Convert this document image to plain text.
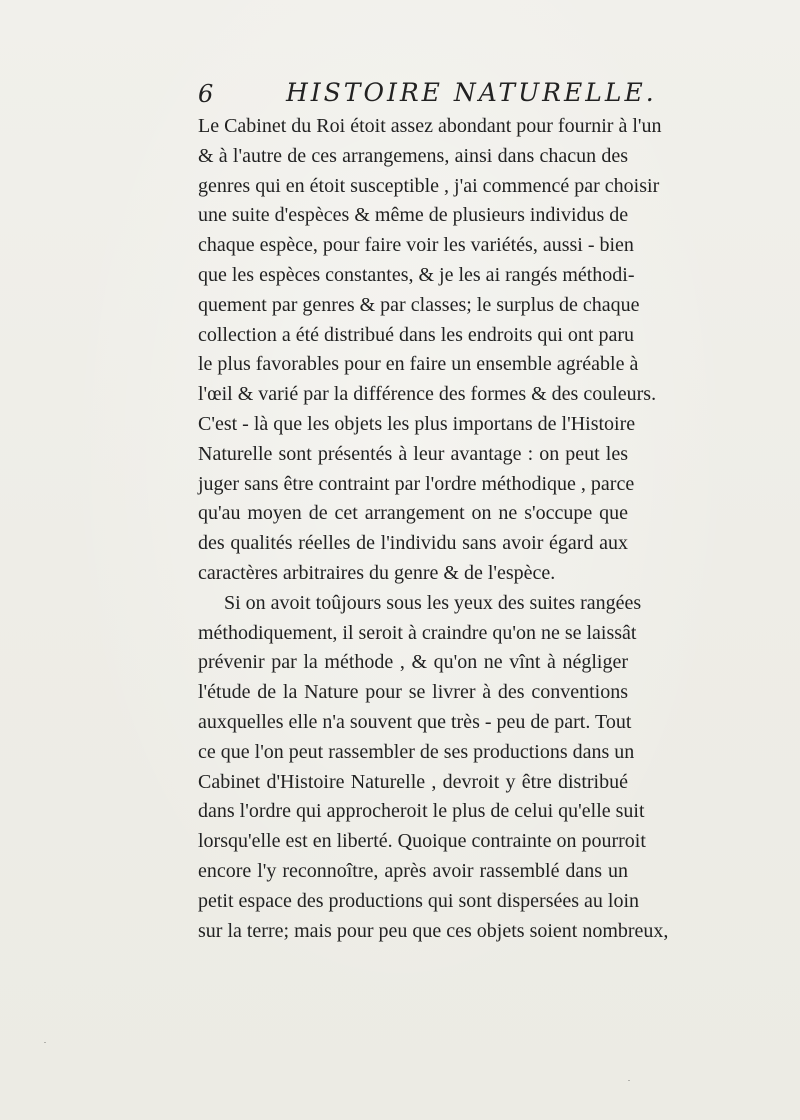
6	HISTOIRE NATURELLE.
Le Cabinet du Roi étoit assez abondant pour fournir à l'un
& à l'autre de ces arrangemens, ainsi dans chacun des
genres qui en étoit susceptible , j'ai commencé par choisir
une suite d'espèces & même de plusieurs individus de
chaque espèce, pour faire voir les variétés, aussi - bien
que les espèces constantes, & je les ai rangés méthodi-
quement par genres & par classes; le surplus de chaque
collection a été distribué dans les endroits qui ont paru
le plus favorables pour en faire un ensemble agréable à
l'œil & varié par la différence des formes & des couleurs.
C'est - là que les objets les plus importans de l'Histoire
Naturelle sont présentés à leur avantage : on peut les
juger sans être contraint par l'ordre méthodique , parce
qu'au moyen de cet arrangement on ne s'occupe que
des qualités réelles de l'individu sans avoir égard aux
caractères arbitraires du genre & de l'espèce.
Si on avoit toûjours sous les yeux des suites rangées
méthodiquement, il seroit à craindre qu'on ne se laissât
prévenir par la méthode , & qu'on ne vînt à négliger
l'étude de la Nature pour se livrer à des conventions
auxquelles elle n'a souvent que très - peu de part. Tout
ce que l'on peut rassembler de ses productions dans un
Cabinet d'Histoire Naturelle , devroit y être distribué
dans l'ordre qui approcheroit le plus de celui qu'elle suit
lorsqu'elle est en liberté. Quoique contrainte on pourroit
encore l'y reconnoître, après avoir rassemblé dans un
petit espace des productions qui sont dispersées au loin
sur la terre; mais pour peu que ces objets soient nombreux,
